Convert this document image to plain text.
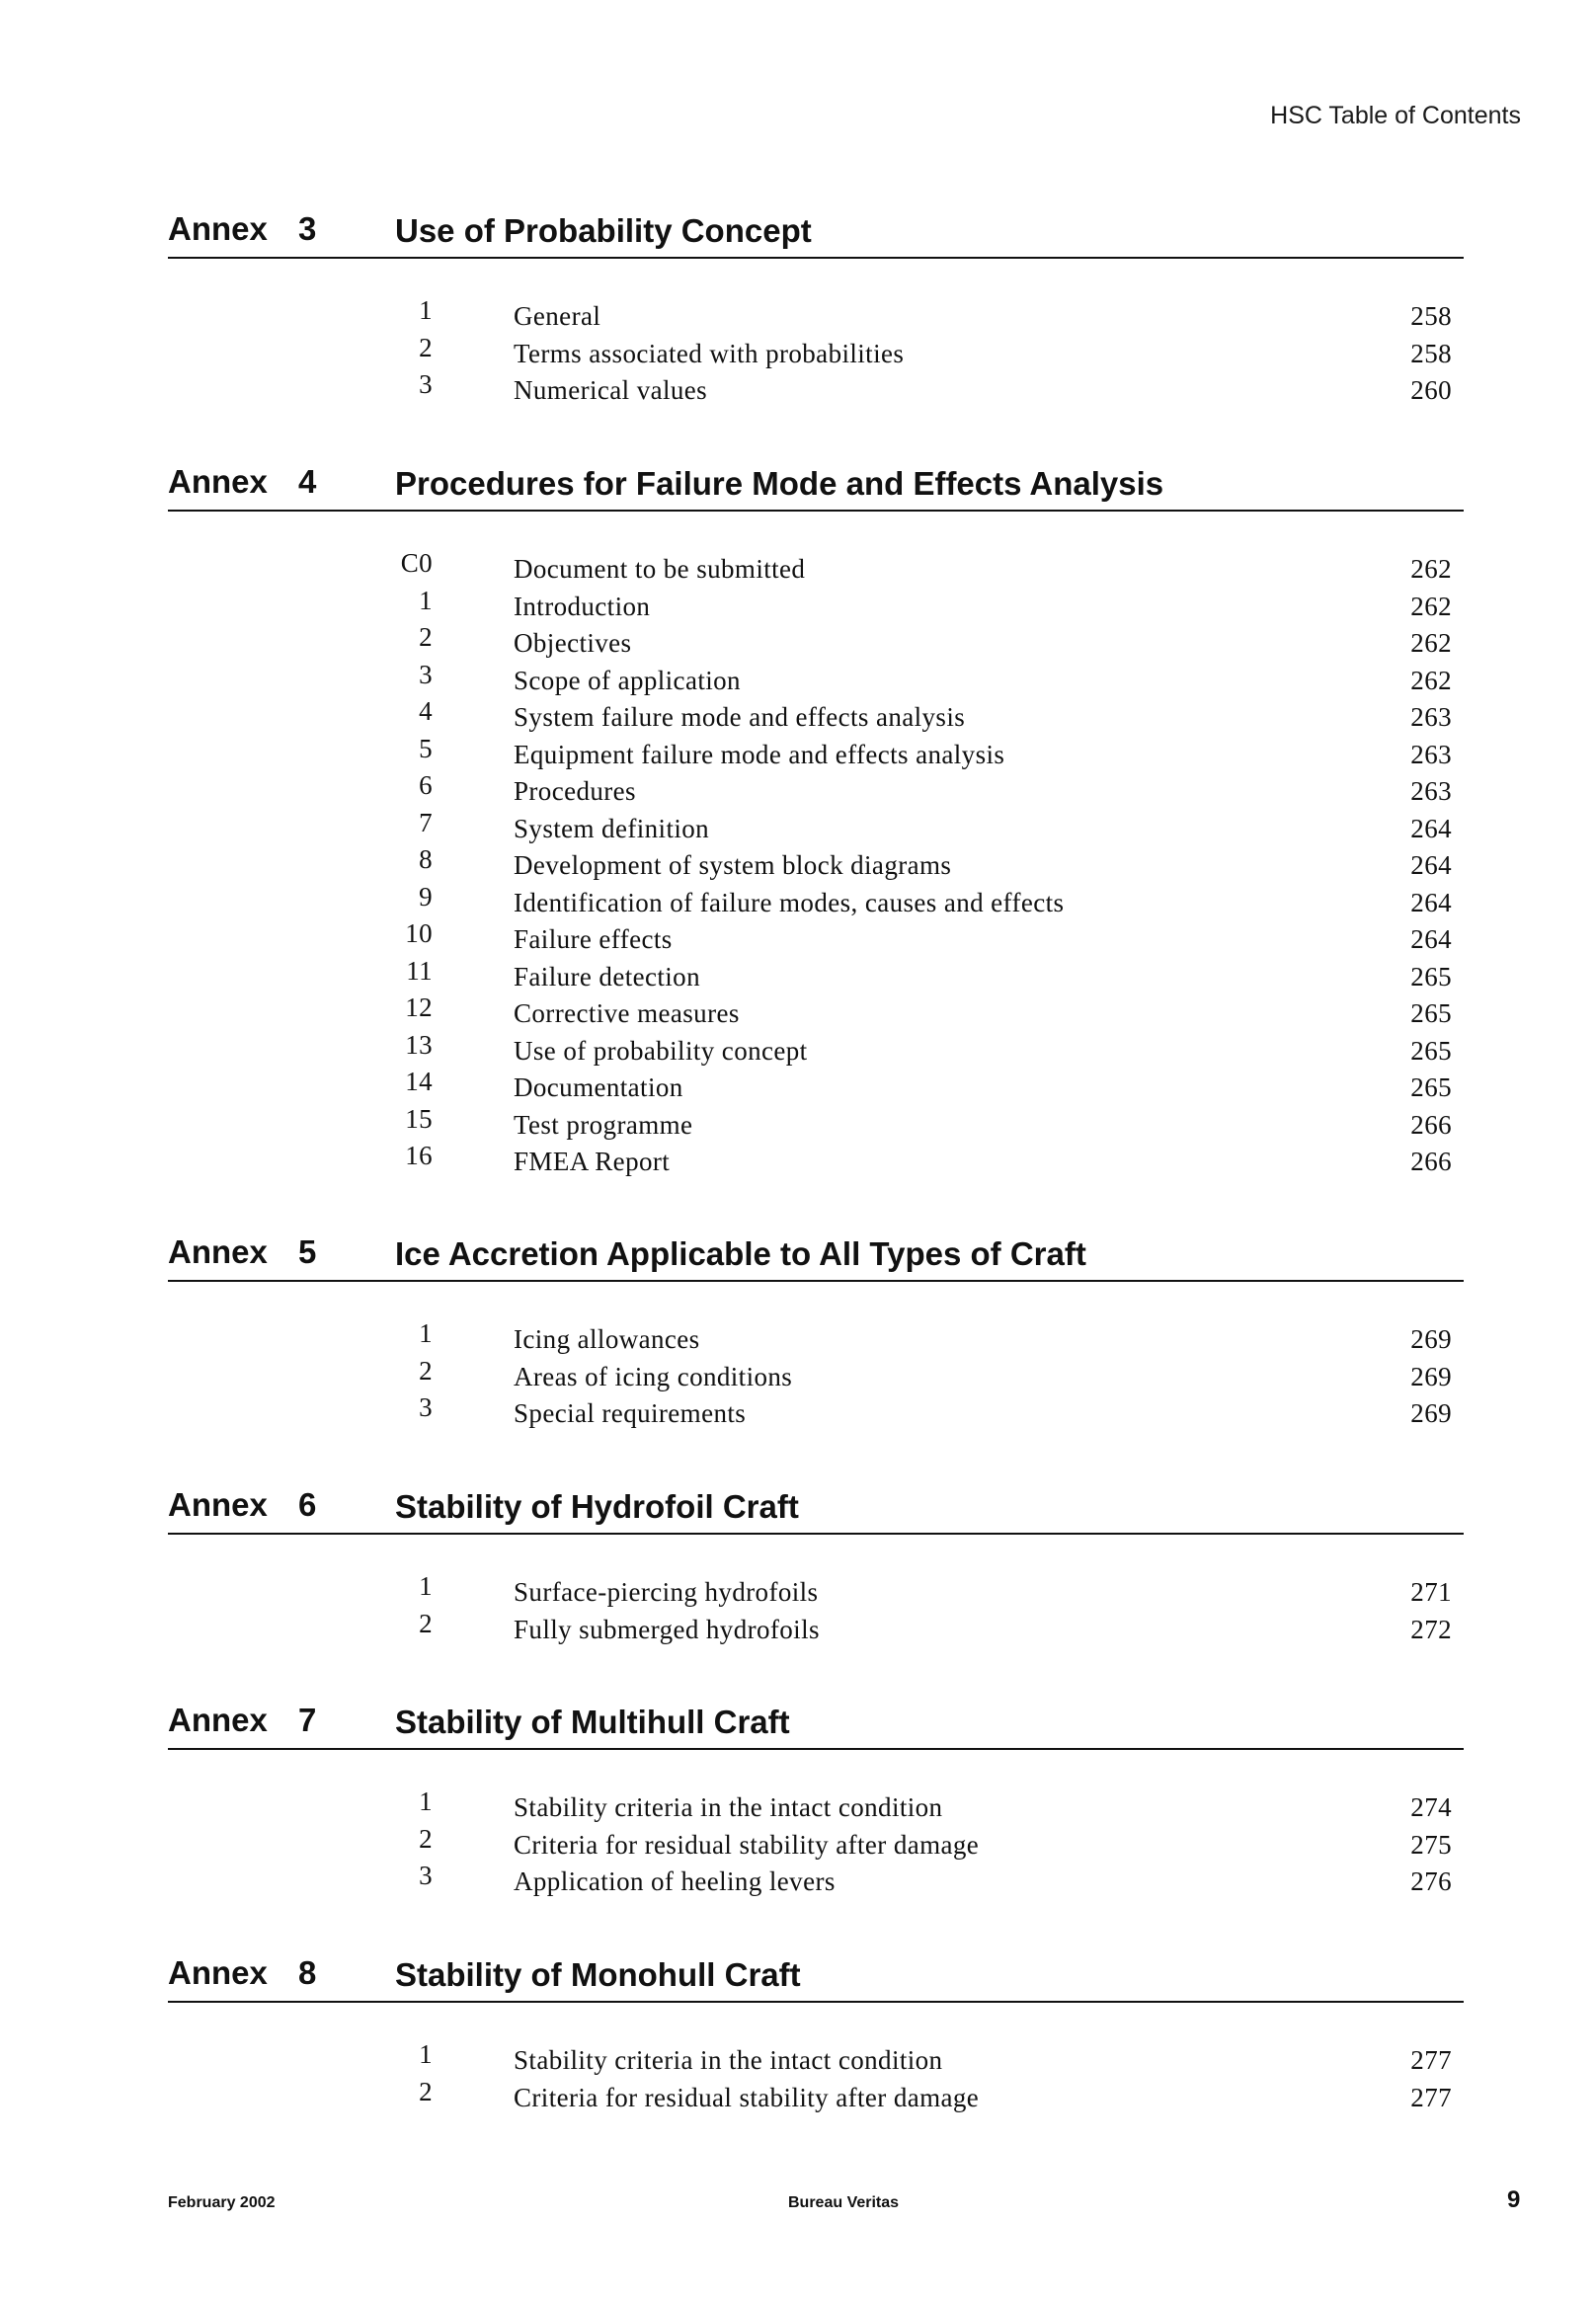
HSC Table of Contents
Annex 3 Use of Probability Concept
1	General	258
2	Terms associated with probabilities	258
3	Numerical values	260
Annex 4 Procedures for Failure Mode and Effects Analysis
C0	Document to be submitted	262
1	Introduction	262
2	Objectives	262
3	Scope of application	262
4	System failure mode and effects analysis	263
5	Equipment failure mode and effects analysis	263
6	Procedures	263
7	System definition	264
8	Development of system block diagrams	264
9	Identification of failure modes, causes and effects	264
10	Failure effects	264
11	Failure detection	265
12	Corrective measures	265
13	Use of probability concept	265
14	Documentation	265
15	Test programme	266
16	FMEA Report	266
Annex 5 Ice Accretion Applicable to All Types of Craft
1	Icing allowances	269
2	Areas of icing conditions	269
3	Special requirements	269
Annex 6 Stability of Hydrofoil Craft
1	Surface-piercing hydrofoils	271
2	Fully submerged hydrofoils	272
Annex 7 Stability of Multihull Craft
1	Stability criteria in the intact condition	274
2	Criteria for residual stability after damage	275
3	Application of heeling levers	276
Annex 8 Stability of Monohull Craft
1	Stability criteria in the intact condition	277
2	Criteria for residual stability after damage	277
February 2002	Bureau Veritas	9
